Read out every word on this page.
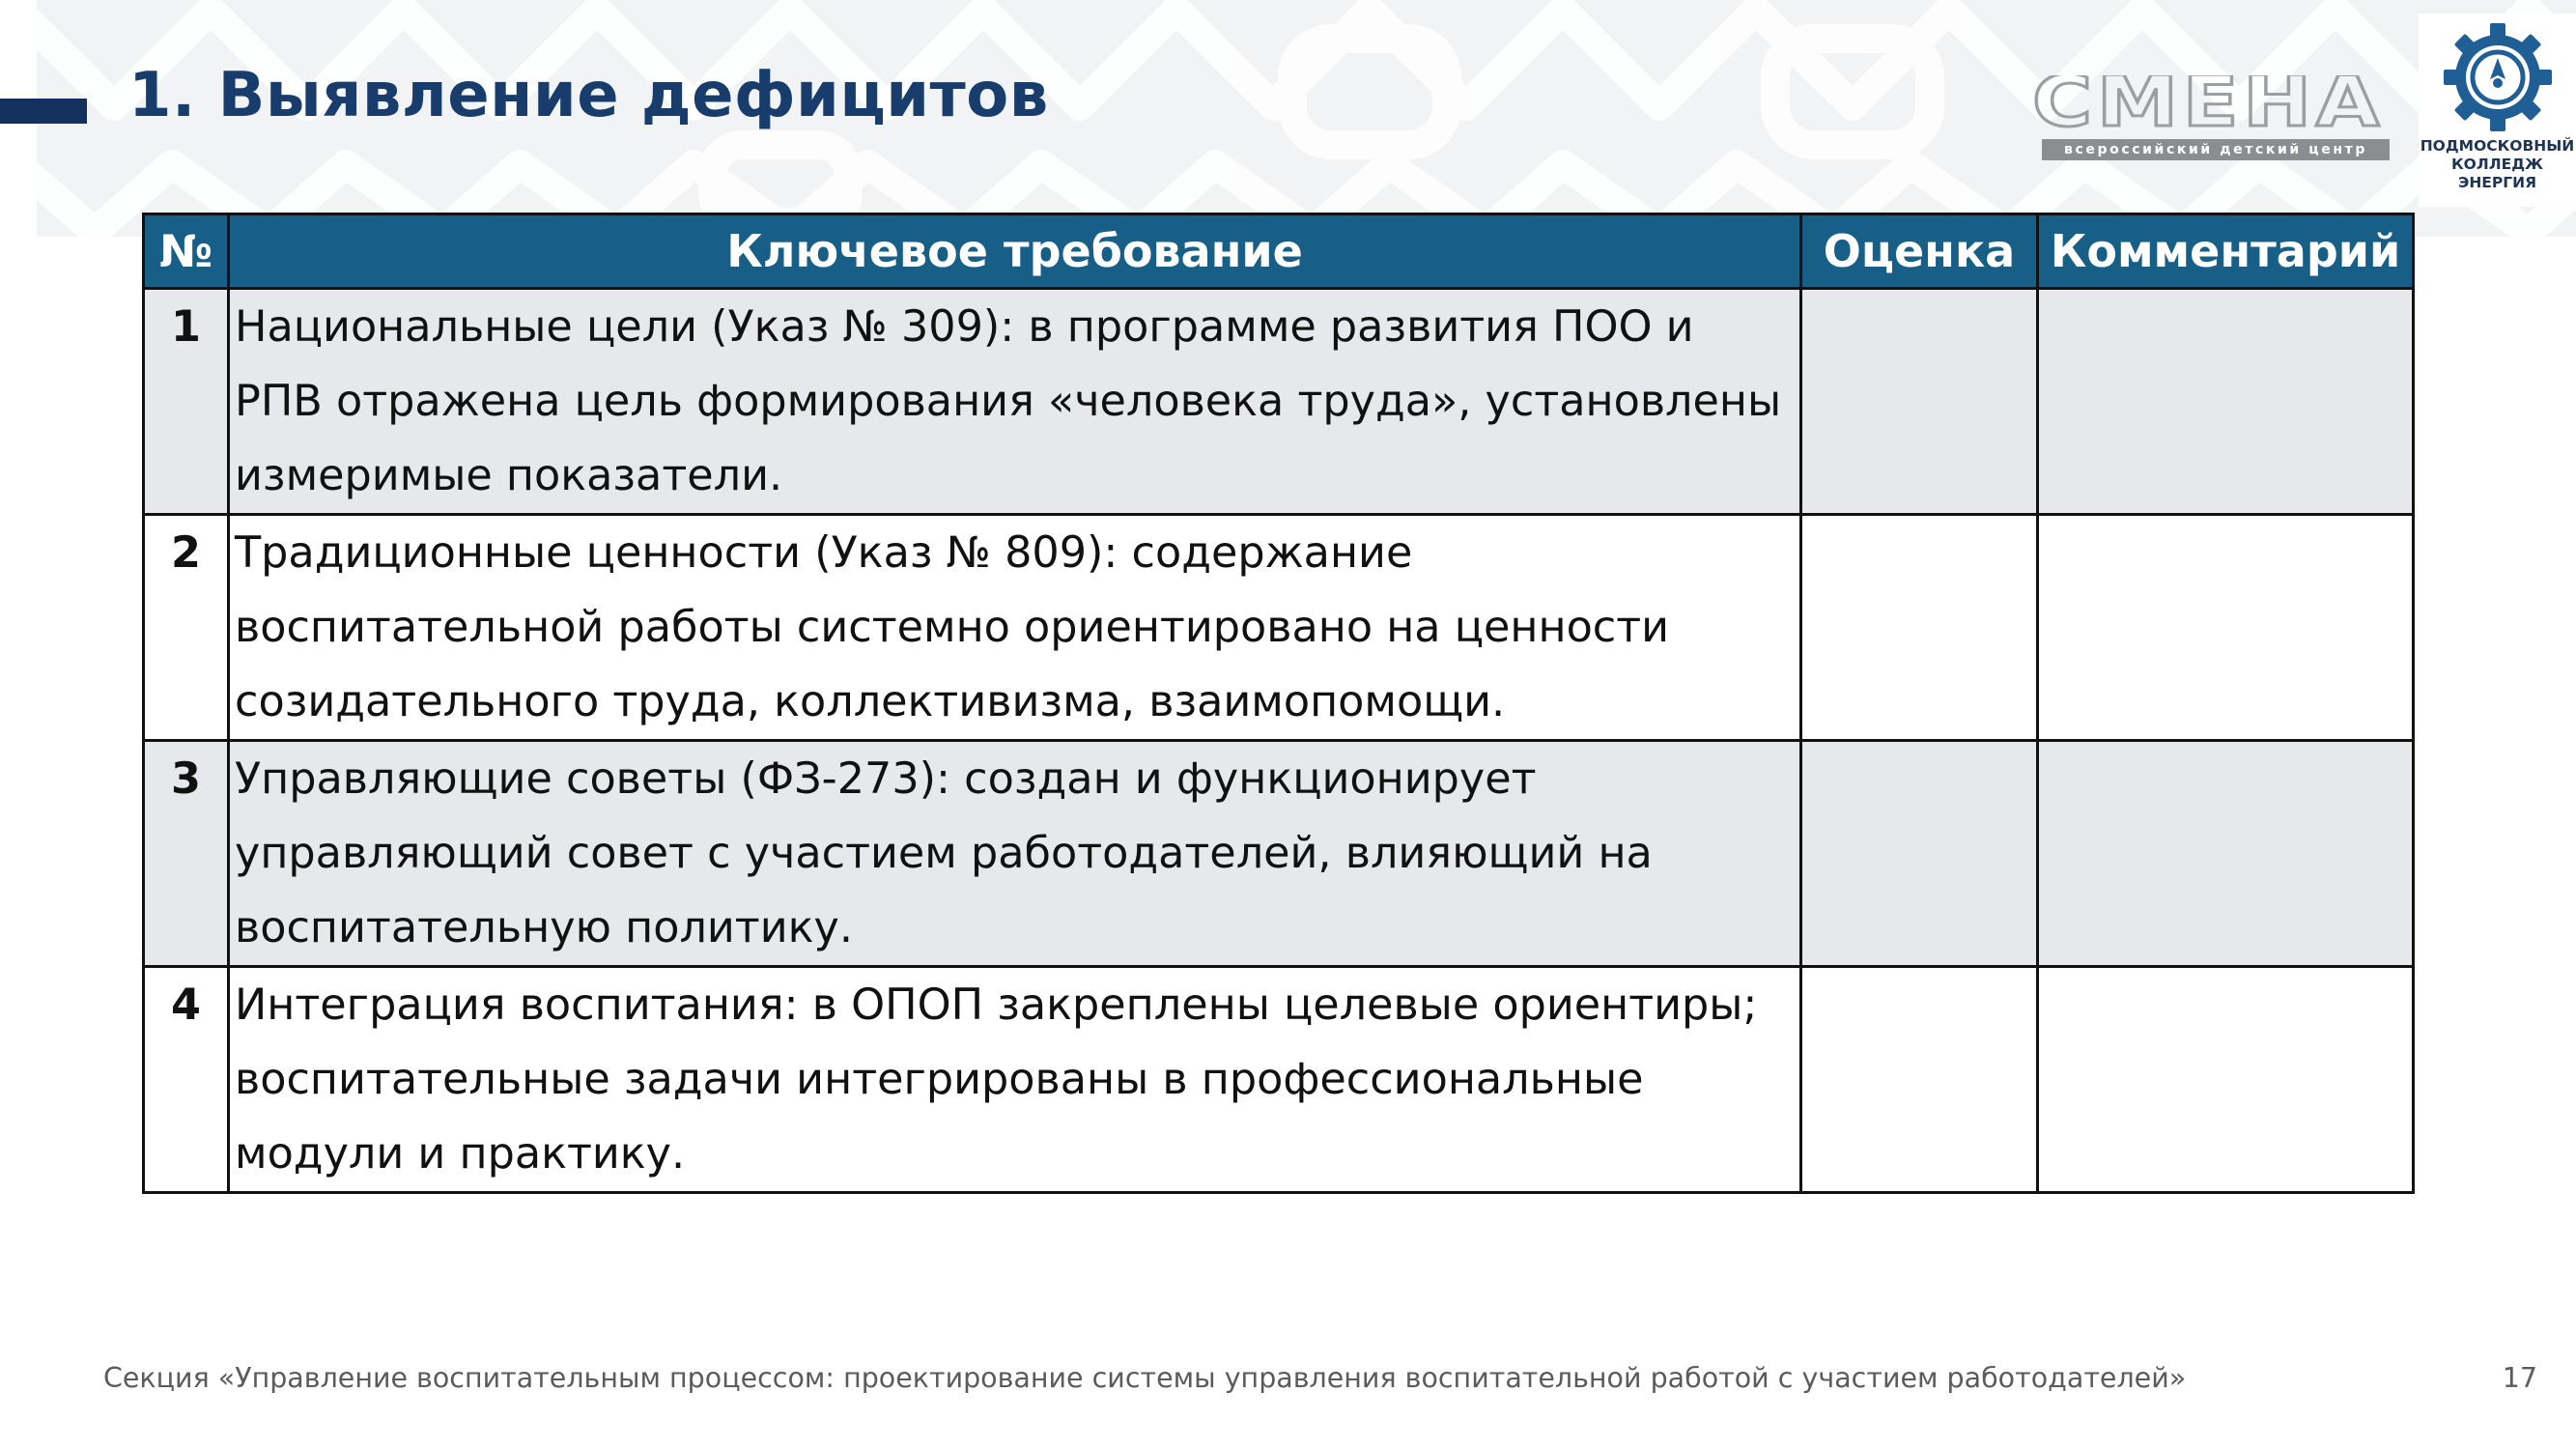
1. Выявление дефицитов	СМЕНА
всероссийский детский центр	ПОДМОСКОВНЫЙ
КОЛЛЕДЖ
ЭНЕРГИЯ
№	Ключевое требование	Оценка	Комментарий
1	Национальные цели (Указ № 309): в программе развития ПОО и
РПВ отражена цель формирования «человека труда», установлены
измеримые показатели.		

2	Традиционные ценности (Указ № 809): содержание
воспитательной работы системно ориентировано на ценности
созидательного труда, коллективизма, взаимопомощи.		

3	Управляющие советы (ФЗ-273): создан и функционирует
управляющий совет с участием работодателей, влияющий на
воспитательную политику.		

4	Интеграция воспитания: в ОПОП закреплены целевые ориентиры;
воспитательные задачи интегрированы в профессиональные
модули и практику.		

Секция «Управление воспитательным процессом: проектирование системы управления воспитательной работой с участием работодателей»	17
